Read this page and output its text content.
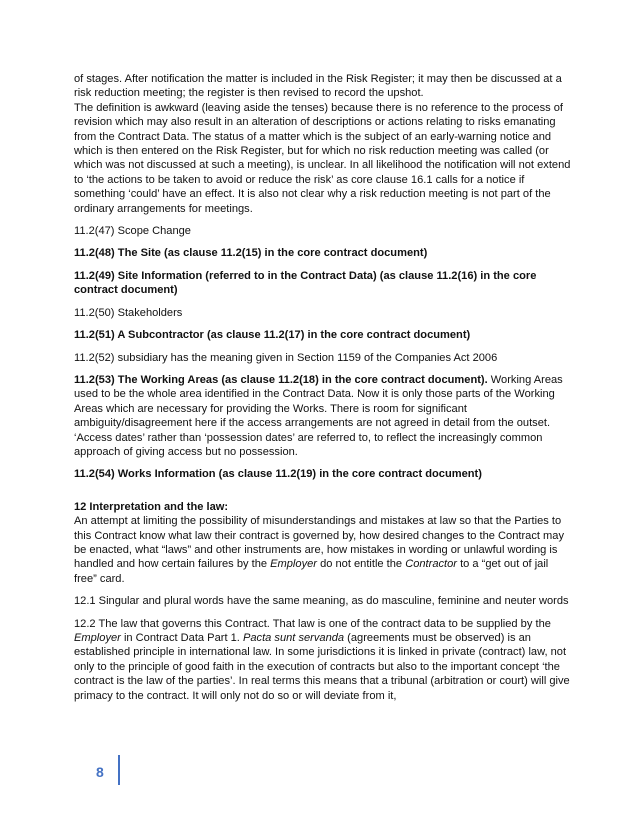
of stages. After notification the matter is included in the Risk Register; it may then be discussed at a risk reduction meeting; the register is then revised to record the upshot.

The definition is awkward (leaving aside the tenses) because there is no reference to the process of revision which may also result in an alteration of descriptions or actions relating to risks emanating from the Contract Data. The status of a matter which is the subject of an early-warning notice and which is then entered on the Risk Register, but for which no risk reduction meeting was called (or which was not discussed at such a meeting), is unclear. In all likelihood the notification will not extend to ‘the actions to be taken to avoid or reduce the risk’ as core clause 16.1 calls for a notice if something ‘could’ have an effect. It is also not clear why a risk reduction meeting is not part of the ordinary arrangements for meetings.

11.2(47) Scope Change

11.2(48) The Site (as clause 11.2(15) in the core contract document)

11.2(49) Site Information (referred to in the Contract Data) (as clause 11.2(16) in the core contract document)

11.2(50) Stakeholders

11.2(51) A Subcontractor (as clause 11.2(17) in the core contract document)

11.2(52) subsidiary has the meaning given in Section 1159 of the Companies Act 2006

11.2(53) The Working Areas (as clause 11.2(18) in the core contract document). Working Areas used to be the whole area identified in the Contract Data. Now it is only those parts of the Working Areas which are necessary for providing the Works. There is room for significant ambiguity/disagreement here if the access arrangements are not agreed in detail from the outset. ‘Access dates’ rather than ‘possession dates’ are referred to, to reflect the increasingly common approach of giving access but no possession.

11.2(54) Works Information (as clause 11.2(19) in the core contract document)

12 Interpretation and the law:
An attempt at limiting the possibility of misunderstandings and mistakes at law so that the Parties to this Contract know what law their contract is governed by, how desired changes to the Contract may be enacted, what “laws” and other instruments are, how mistakes in wording or unlawful wording is handled and how certain failures by the Employer do not entitle the Contractor to a “get out of jail free” card.

12.1 Singular and plural words have the same meaning, as do masculine, feminine and neuter words

12.2 The law that governs this Contract. That law is one of the contract data to be supplied by the Employer in Contract Data Part 1. Pacta sunt servanda (agreements must be observed) is an established principle in international law. In some jurisdictions it is linked in private (contract) law, not only to the principle of good faith in the execution of contracts but also to the important concept ‘the contract is the law of the parties’. In real terms this means that a tribunal (arbitration or court) will give primacy to the contract. It will only not do so or will deviate from it,

8
